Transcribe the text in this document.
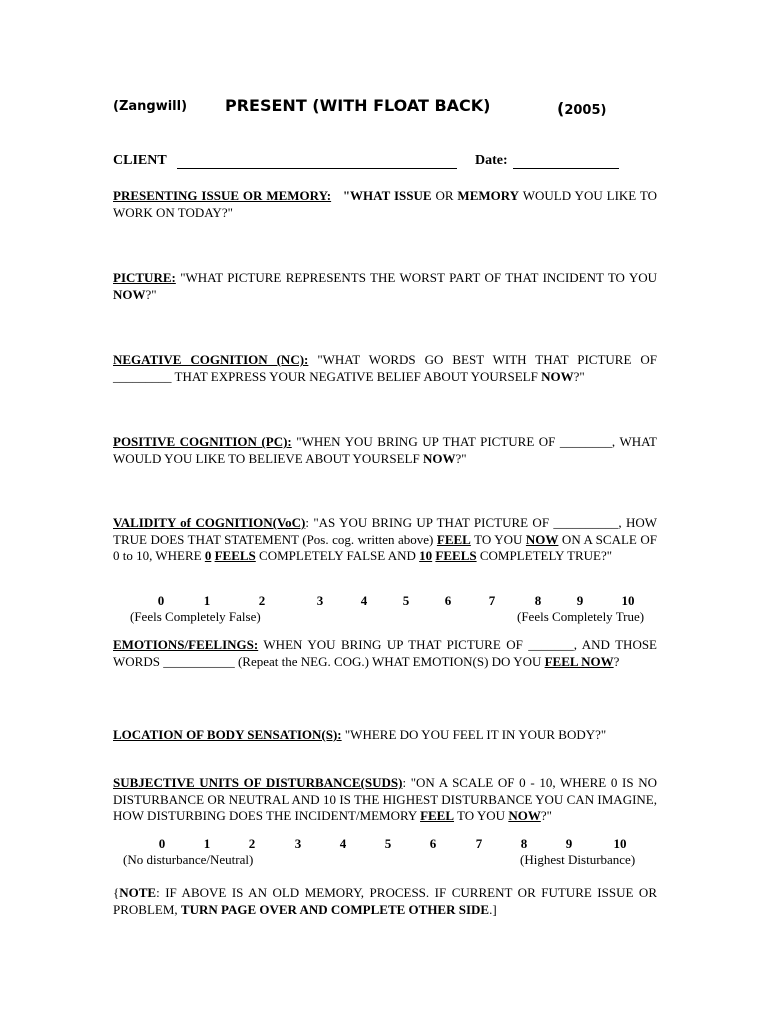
(Zangwill) PRESENT (WITH FLOAT BACK)	(2005)
CLIENT	Date:
PRESENTING ISSUE OR MEMORY: "WHAT ISSUE OR MEMORY WOULD YOU LIKE TO WORK ON TODAY?"
PICTURE: "WHAT PICTURE REPRESENTS THE WORST PART OF THAT INCIDENT TO YOU NOW?"
NEGATIVE COGNITION (NC): "WHAT WORDS GO BEST WITH THAT PICTURE OF _________ THAT EXPRESS YOUR NEGATIVE BELIEF ABOUT YOURSELF NOW?"
POSITIVE COGNITION (PC): "WHEN YOU BRING UP THAT PICTURE OF ________, WHAT WOULD YOU LIKE TO BELIEVE ABOUT YOURSELF NOW?"
VALIDITY of COGNITION(VoC): "AS YOU BRING UP THAT PICTURE OF __________, HOW TRUE DOES THAT STATEMENT (Pos. cog. written above) FEEL TO YOU NOW ON A SCALE OF 0 to 10, WHERE 0 FEELS COMPLETELY FALSE AND 10 FEELS COMPLETELY TRUE?"
0	1	2	3	4	5	6	7	8	9	10
(Feels Completely False)	(Feels Completely True)
EMOTIONS/FEELINGS: WHEN YOU BRING UP THAT PICTURE OF _______, AND THOSE WORDS ___________ (Repeat the NEG. COG.) WHAT EMOTION(S) DO YOU FEEL NOW?
LOCATION OF BODY SENSATION(S): "WHERE DO YOU FEEL IT IN YOUR BODY?"
SUBJECTIVE UNITS OF DISTURBANCE(SUDS): "ON A SCALE OF 0 - 10, WHERE 0 IS NO DISTURBANCE OR NEUTRAL AND 10 IS THE HIGHEST DISTURBANCE YOU CAN IMAGINE, HOW DISTURBING DOES THE INCIDENT/MEMORY FEEL TO YOU NOW?"
0	1	2	3	4	5	6	7	8	9	10
(No disturbance/Neutral)	(Highest Disturbance)
{NOTE: IF ABOVE IS AN OLD MEMORY, PROCESS. IF CURRENT OR FUTURE ISSUE OR PROBLEM, TURN PAGE OVER AND COMPLETE OTHER SIDE.]
